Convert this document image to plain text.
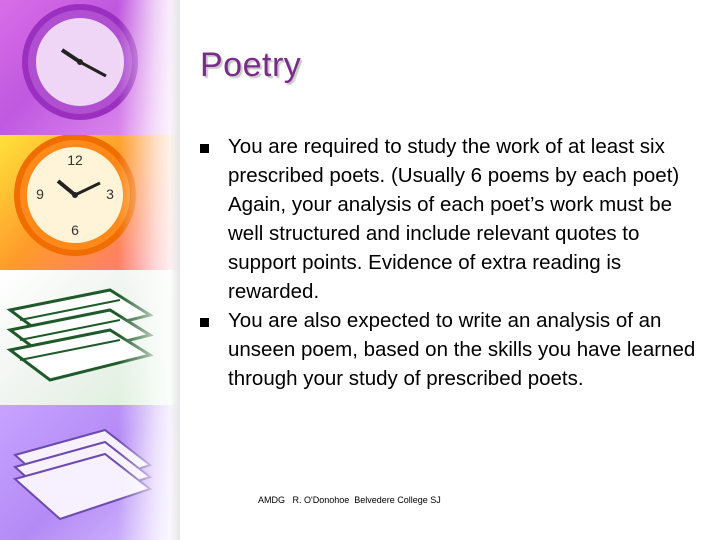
12
3
6
9
Poetry
You are required to study the work of at least six prescribed poets. (Usually 6 poems by each poet) Again, your analysis of each poet’s work must be well structured and include relevant quotes to support points. Evidence of extra reading is rewarded.
You are also expected to write an analysis of an unseen poem, based on the skills you have learned through your study of prescribed poets.
AMDG   R. O'Donohoe  Belvedere College SJ
